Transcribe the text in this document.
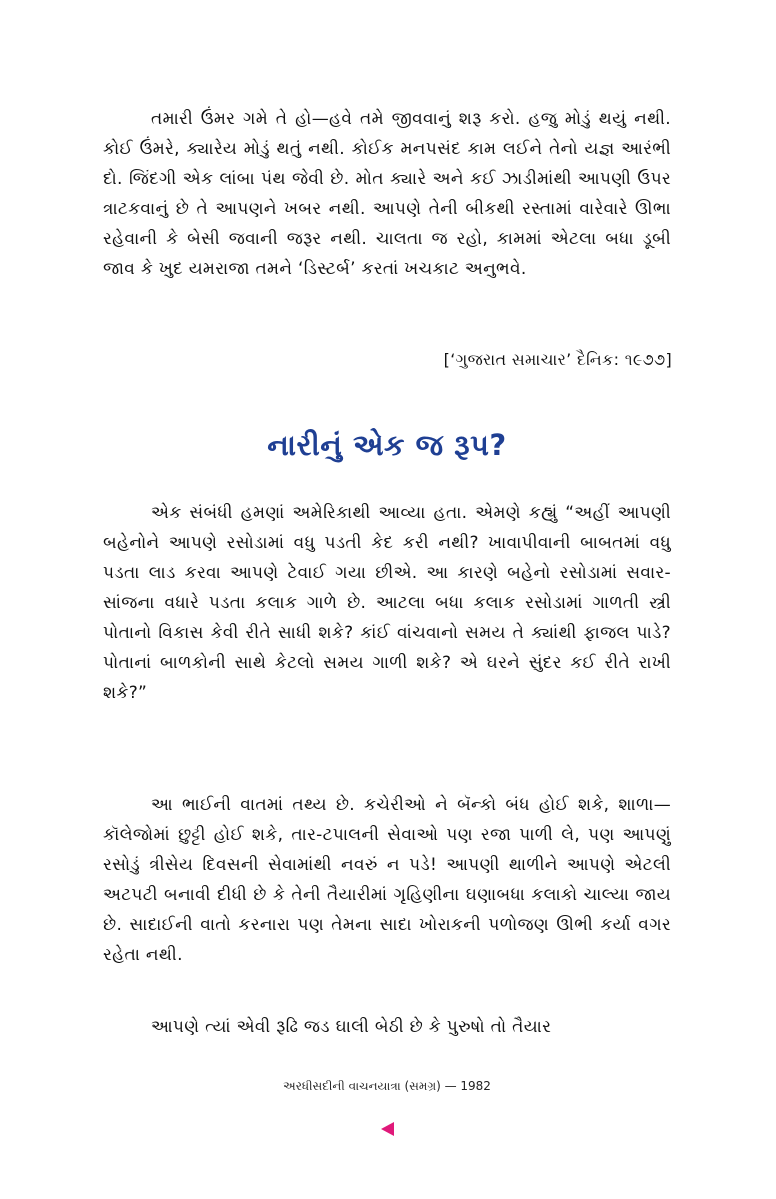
તમારી ઉંમર ગમે તે હો—હવે તમે જીવવાનું શરૂ કરો. હજુ મોડું થયું નથી. કોઈ ઉંમરે, ક્યારેય મોડું થતું નથી. કોઈક મનપસંદ કામ લઈને તેનો યજ્ઞ આરંભી દો. જિંદગી એક લાંબા પંથ જેવી છે. મોત ક્યારે અને કઈ ઝાડીમાંથી આપણી ઉપર ત્રાટકવાનું છે તે આપણને ખબર નથી. આપણે તેની બીકથી રસ્તામાં વારેવારે ઊભા રહેવાની કે બેસી જવાની જરૂર નથી. ચાલતા જ રહો, કામમાં એટલા બધા ડૂબી જાવ કે ખુદ યમરાજા તમને ‘ડિસ્ટર્બ’ કરતાં ખચકાટ અનુભવે.

[‘ગુજરાત સમાચાર’ દૈનિક: ૧૯૭૭]

નારીનું એક જ રૂપ?

એક સંબંધી હમણાં અમેરિકાથી આવ્યા હતા. એમણે કહ્યું “અહીં આપણી બહેનોને આપણે રસોડામાં વધુ પડતી કેદ કરી નથી? ખાવાપીવાની બાબતમાં વધુ પડતા લાડ કરવા આપણે ટેવાઈ ગયા છીએ. આ કારણે બહેનો રસોડામાં સવાર-સાંજના વધારે પડતા કલાક ગાળે છે. આટલા બધા કલાક રસોડામાં ગાળતી સ્ત્રી પોતાનો વિકાસ કેવી રીતે સાધી શકે? કાંઈ વાંચવાનો સમય તે ક્યાંથી ફાજલ પાડે? પોતાનાં બાળકોની સાથે કેટલો સમય ગાળી શકે? એ ઘરને સુંદર કઈ રીતે રાખી શકે?”

આ ભાઈની વાતમાં તથ્ય છે. કચેરીઓ ને બૅન્કો બંધ હોઈ શકે, શાળા—કૉલેજોમાં છુટ્ટી હોઈ શકે, તાર-ટપાલની સેવાઓ પણ રજા પાળી લે, પણ આપણું રસોડું ત્રીસેય દિવસની સેવામાંથી નવરું ન પડે! આપણી થાળીને આપણે એટલી અટપટી બનાવી દીધી છે કે તેની તૈયારીમાં ગૃહિણીના ઘણાબધા કલાકો ચાલ્યા જાય છે. સાદાઈની વાતો કરનારા પણ તેમના સાદા ખોરાકની પળોજણ ઊભી કર્યા વગર રહેતા નથી.

આપણે ત્યાં એવી રૂઢિ જડ ઘાલી બેઠી છે કે પુરુષો તો તૈયાર

અરધીસદીની વાચનયાત્રા (સમગ્ર) — 1982
